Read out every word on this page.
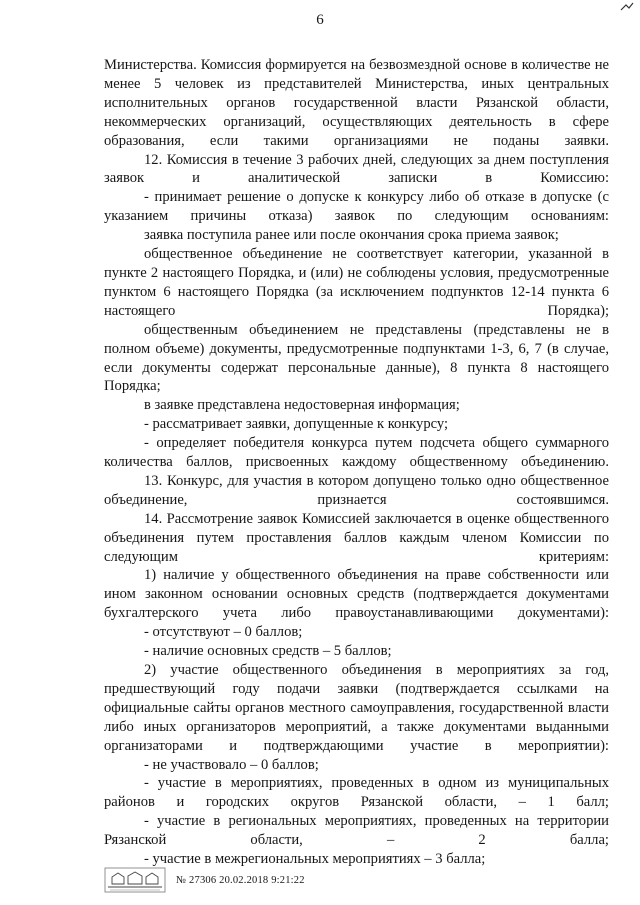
6

Министерства. Комиссия формируется на безвозмездной основе в количестве не менее 5 человек из представителей Министерства, иных центральных исполнительных органов государственной власти Рязанской области, некоммерческих организаций, осуществляющих деятельность в сфере образования, если такими организациями не поданы заявки.

12. Комиссия в течение 3 рабочих дней, следующих за днем поступления заявок и аналитической записки в Комиссию:

- принимает решение о допуске к конкурсу либо об отказе в допуске (с указанием причины отказа) заявок по следующим основаниям:

заявка поступила ранее или после окончания срока приема заявок;

общественное объединение не соответствует категории, указанной в пункте 2 настоящего Порядка, и (или) не соблюдены условия, предусмотренные пунктом 6 настоящего Порядка (за исключением подпунктов 12-14 пункта 6 настоящего Порядка);

общественным объединением не представлены (представлены не в полном объеме) документы, предусмотренные подпунктами 1-3, 6, 7 (в случае, если документы содержат персональные данные), 8 пункта 8 настоящего Порядка;

в заявке представлена недостоверная информация;

- рассматривает заявки, допущенные к конкурсу;

- определяет победителя конкурса путем подсчета общего суммарного количества баллов, присвоенных каждому общественному объединению.

13. Конкурс, для участия в котором допущено только одно общественное объединение, признается состоявшимся.

14. Рассмотрение заявок Комиссией заключается в оценке общественного объединения путем проставления баллов каждым членом Комиссии по следующим критериям:

1) наличие у общественного объединения на праве собственности или ином законном основании основных средств (подтверждается документами бухгалтерского учета либо правоустанавливающими документами):

- отсутствуют – 0 баллов;

- наличие основных средств – 5 баллов;

2) участие общественного объединения в мероприятиях за год, предшествующий году подачи заявки (подтверждается ссылками на официальные сайты органов местного самоуправления, государственной власти либо иных организаторов мероприятий, а также документами выданными организаторами и подтверждающими участие в мероприятии):

- не участвовало – 0 баллов;

- участие в мероприятиях, проведенных в одном из муниципальных районов и городских округов Рязанской области, – 1 балл;

- участие в региональных мероприятиях, проведенных на территории Рязанской области, – 2 балла;

- участие в межрегиональных мероприятиях – 3 балла;

№ 27306 20.02.2018 9:21:22
